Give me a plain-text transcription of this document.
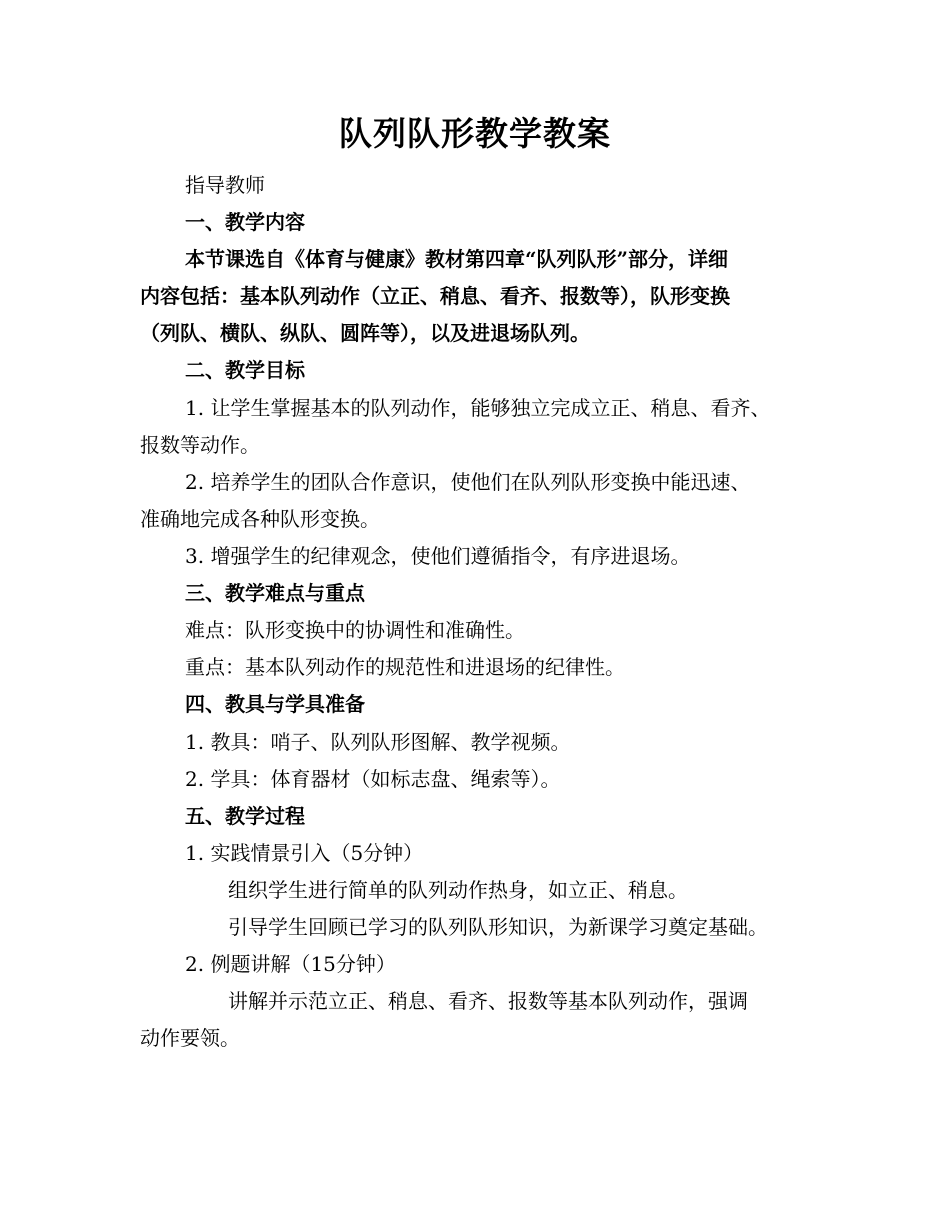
队列队形教学教案
指导教师
一、教学内容
本节课选自《体育与健康》教材第四章“队列队形”部分，详细
内容包括：基本队列动作（立正、稍息、看齐、报数等），队形变换
（列队、横队、纵队、圆阵等），以及进退场队列。
二、教学目标
1. 让学生掌握基本的队列动作，能够独立完成立正、稍息、看齐、
报数等动作。
2. 培养学生的团队合作意识，使他们在队列队形变换中能迅速、
准确地完成各种队形变换。
3. 增强学生的纪律观念，使他们遵循指令，有序进退场。
三、教学难点与重点
难点：队形变换中的协调性和准确性。
重点：基本队列动作的规范性和进退场的纪律性。
四、教具与学具准备
1. 教具：哨子、队列队形图解、教学视频。
2. 学具：体育器材（如标志盘、绳索等）。
五、教学过程
1. 实践情景引入（5分钟）
组织学生进行简单的队列动作热身，如立正、稍息。
引导学生回顾已学习的队列队形知识，为新课学习奠定基础。
2. 例题讲解（15分钟）
讲解并示范立正、稍息、看齐、报数等基本队列动作，强调
动作要领。
